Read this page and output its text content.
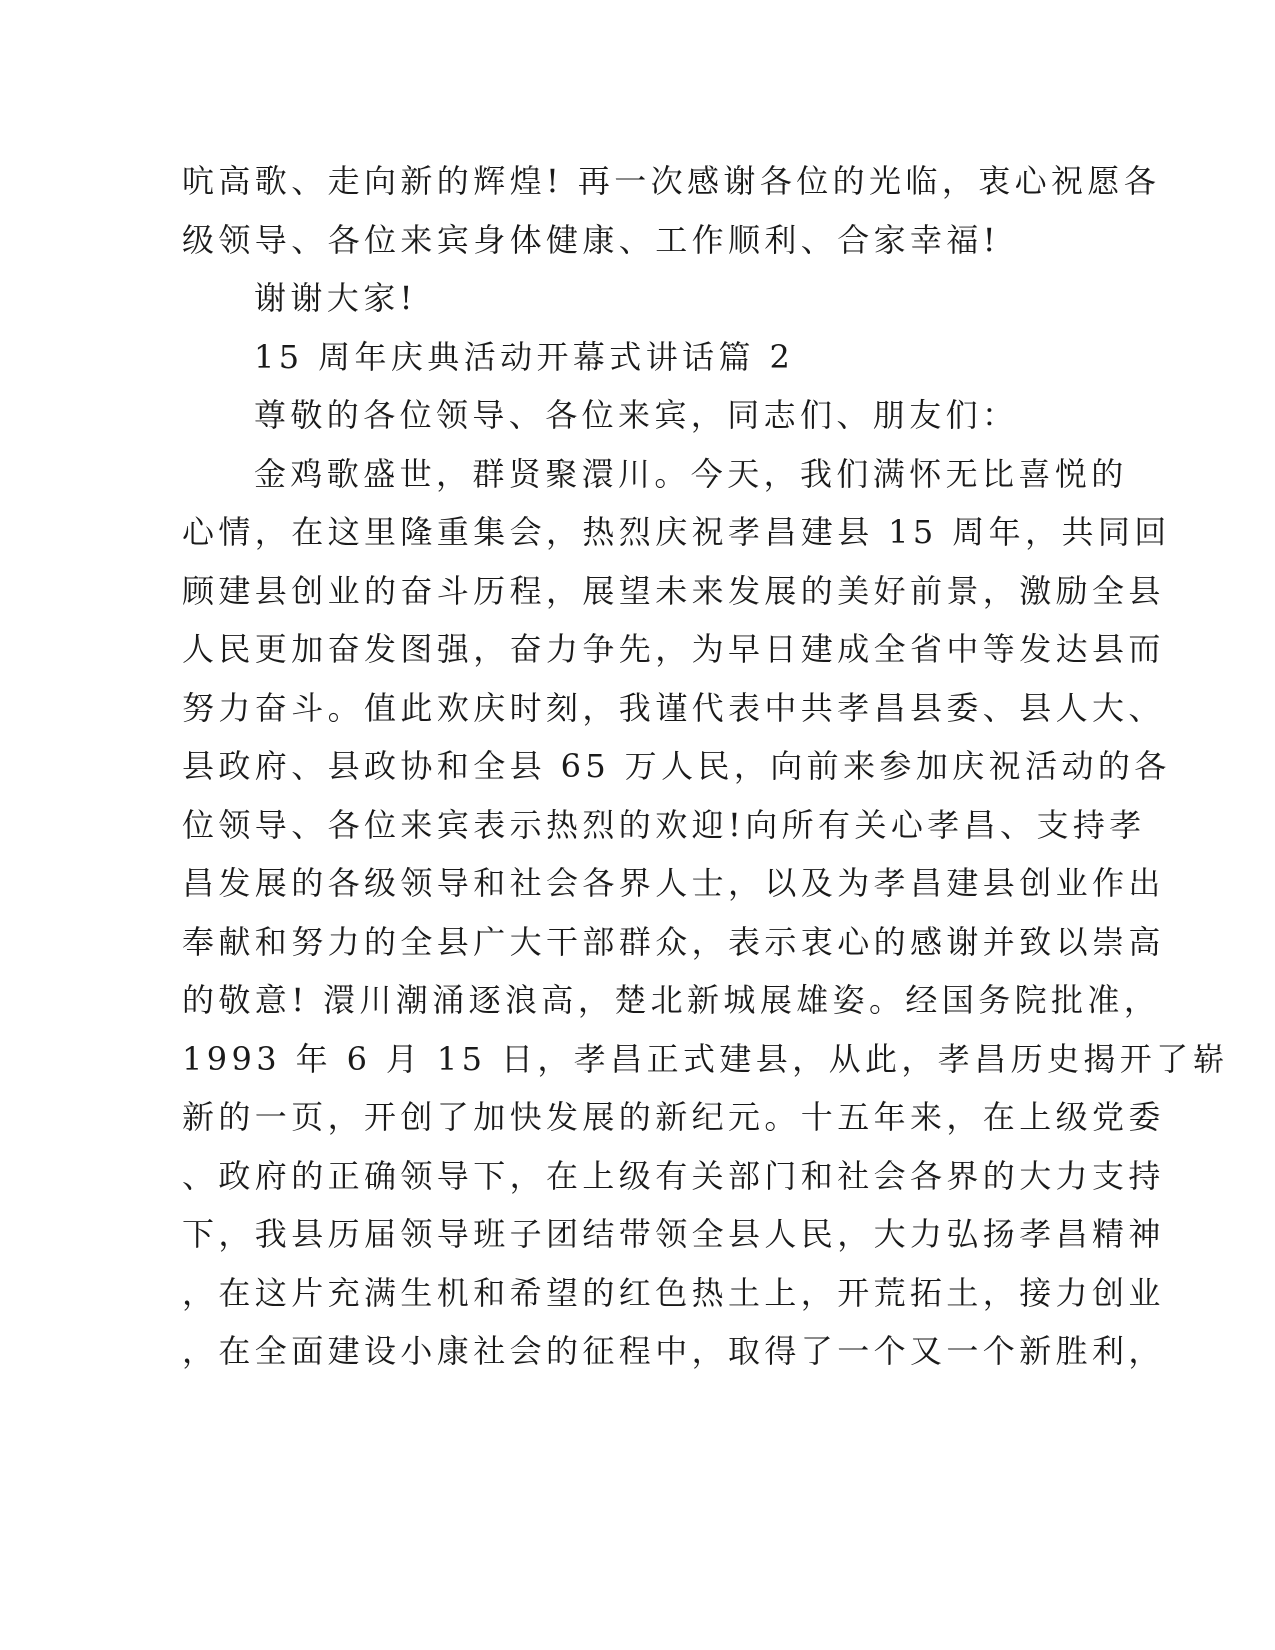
吭高歌、走向新的辉煌! 再一次感谢各位的光临，衷心祝愿各
级领导、各位来宾身体健康、工作顺利、合家幸福!
谢谢大家!
15 周年庆典活动开幕式讲话篇 2
尊敬的各位领导、各位来宾，同志们、朋友们：
金鸡歌盛世，群贤聚澴川。今天，我们满怀无比喜悦的
心情，在这里隆重集会，热烈庆祝孝昌建县 15 周年，共同回
顾建县创业的奋斗历程，展望未来发展的美好前景，激励全县
人民更加奋发图强，奋力争先，为早日建成全省中等发达县而
努力奋斗。值此欢庆时刻，我谨代表中共孝昌县委、县人大、
县政府、县政协和全县 65 万人民，向前来参加庆祝活动的各
位领导、各位来宾表示热烈的欢迎!向所有关心孝昌、支持孝
昌发展的各级领导和社会各界人士，以及为孝昌建县创业作出
奉献和努力的全县广大干部群众，表示衷心的感谢并致以崇高
的敬意! 澴川潮涌逐浪高，楚北新城展雄姿。经国务院批准，
1993 年 6 月 15 日，孝昌正式建县，从此，孝昌历史揭开了崭
新的一页，开创了加快发展的新纪元。十五年来，在上级党委
、政府的正确领导下，在上级有关部门和社会各界的大力支持
下，我县历届领导班子团结带领全县人民，大力弘扬孝昌精神
，在这片充满生机和希望的红色热土上，开荒拓土，接力创业
，在全面建设小康社会的征程中，取得了一个又一个新胜利，
